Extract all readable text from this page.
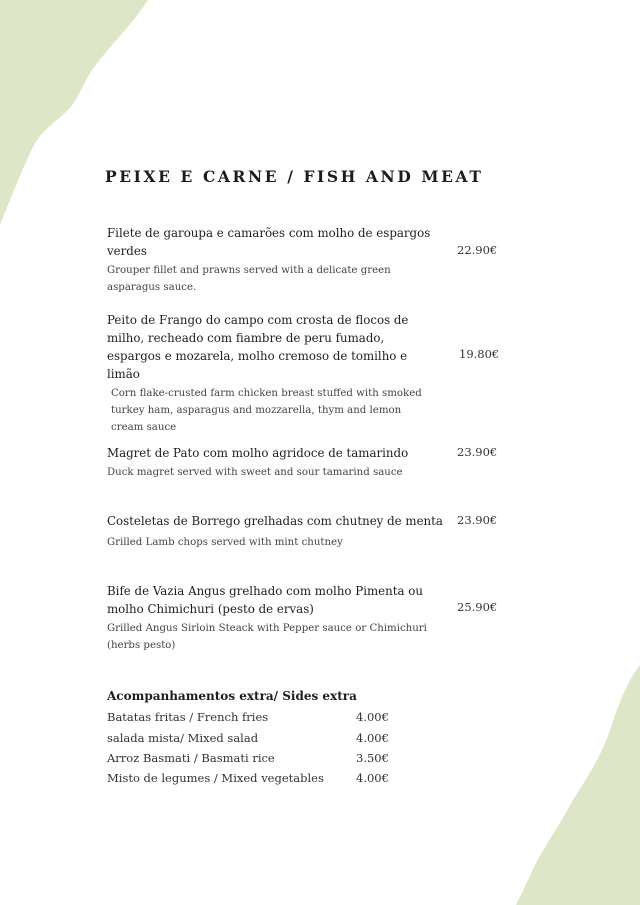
PEIXE E CARNE / FISH AND MEAT
Filete de garoupa e camarões com molho de espargos verdes
Grouper fillet and prawns served with a delicate green asparagus sauce.
22.90€
Peito de Frango do campo com crosta de flocos de milho, recheado com fiambre de peru fumado, espargos e mozarela, molho cremoso de tomilho e limão
Corn flake-crusted farm chicken breast stuffed with smoked turkey ham, asparagus and mozzarella, thym and lemon cream sauce
19.80€
Magret de Pato com molho agridoce de tamarindo
Duck magret served with sweet and sour tamarind sauce
23.90€
Costeletas de Borrego grelhadas com chutney de menta
Grilled Lamb chops served with mint chutney
23.90€
Bife de Vazia Angus grelhado com molho Pimenta ou molho Chimichuri (pesto de ervas)
Grilled Angus Sirloin Steack with Pepper sauce or Chimichuri (herbs pesto)
25.90€
Acompanhamentos extra/ Sides extra
Batatas fritas / French fries	4.00€
salada mista/ Mixed salad	4.00€
Arroz Basmati / Basmati rice	3.50€
Misto de legumes / Mixed vegetables	4.00€
